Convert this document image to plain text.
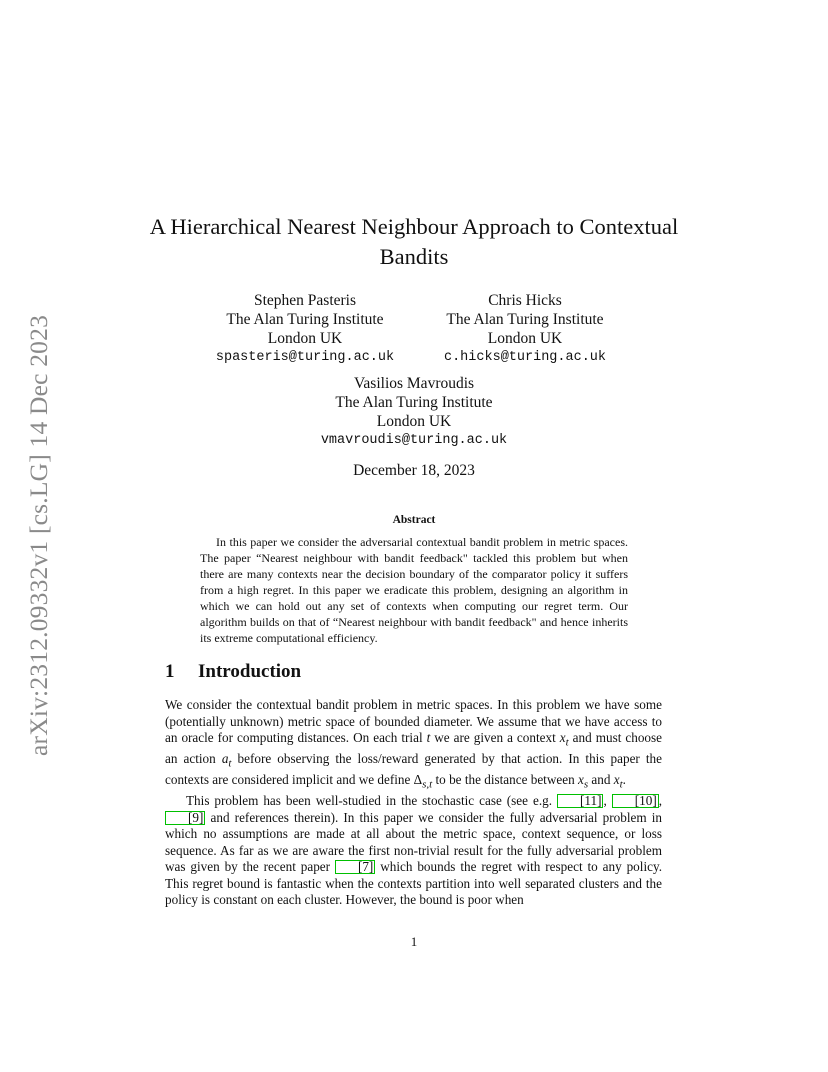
arXiv:2312.09332v1 [cs.LG] 14 Dec 2023
A Hierarchical Nearest Neighbour Approach to Contextual Bandits
Stephen Pasteris
The Alan Turing Institute
London UK
spasteris@turing.ac.uk
Chris Hicks
The Alan Turing Institute
London UK
c.hicks@turing.ac.uk
Vasilios Mavroudis
The Alan Turing Institute
London UK
vmavroudis@turing.ac.uk
December 18, 2023
Abstract
In this paper we consider the adversarial contextual bandit problem in metric spaces. The paper “Nearest neighbour with bandit feedback" tackled this problem but when there are many contexts near the decision boundary of the comparator policy it suffers from a high regret. In this paper we eradicate this problem, designing an algorithm in which we can hold out any set of contexts when computing our regret term. Our algorithm builds on that of “Nearest neighbour with bandit feedback" and hence inherits its extreme computational efficiency.
1 Introduction

We consider the contextual bandit problem in metric spaces. In this problem we have some (potentially unknown) metric space of bounded diameter. We assume that we have access to an oracle for computing distances. On each trial t we are given a context $x_t$ and must choose an action $a_t$ before observing the loss/reward generated by that action. In this paper the contexts are considered implicit and we define $\Delta_{s,t}$ to be the distance between $x_s$ and $x_t$.

This problem has been well-studied in the stochastic case (see e.g. [11] , [10] , [9] and references therein). In this paper we consider the fully adversarial problem in which no assumptions are made at all about the metric space, context sequence, or loss sequence. As far as we are aware the first non-trivial result for the fully adversarial problem was given by the recent paper [7] which bounds the regret with respect to any policy. This regret bound is fantastic when the contexts partition into well separated clusters and the policy is constant on each cluster. However, the bound is poor when

1
